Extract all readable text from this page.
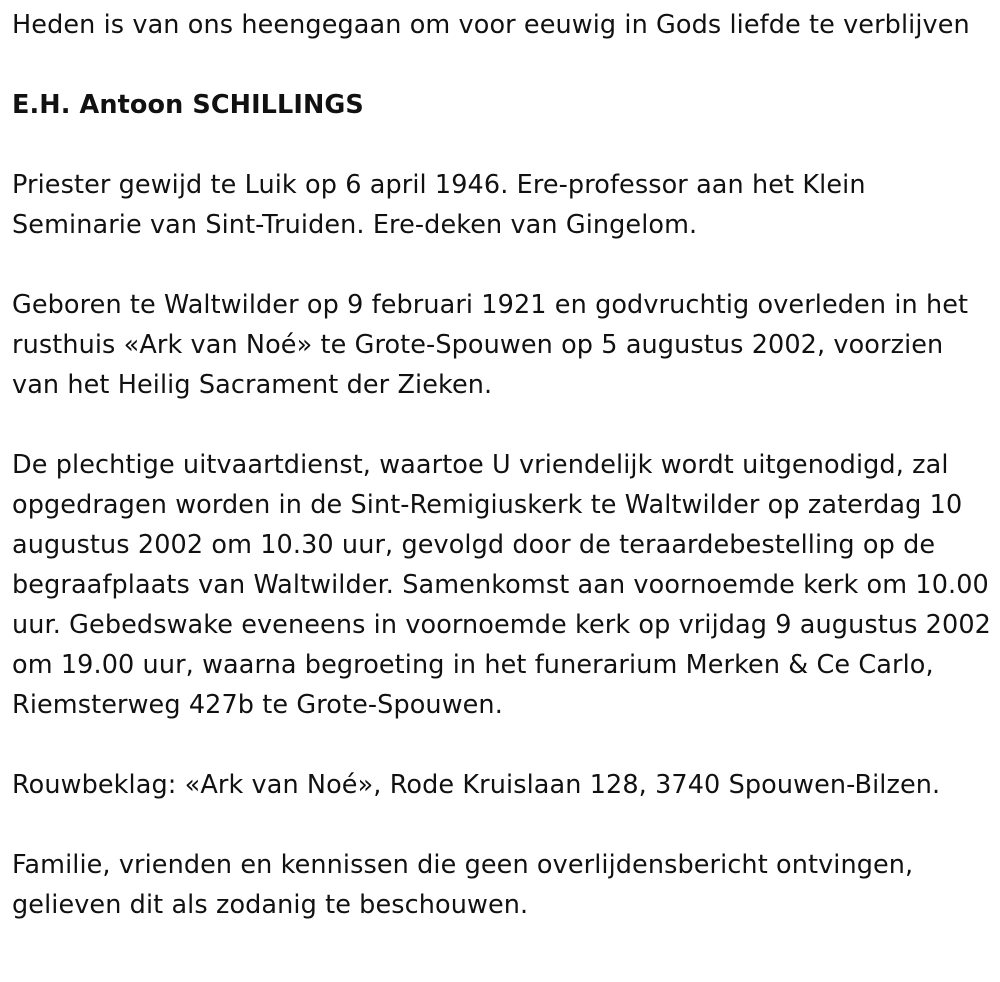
Heden is van ons heengegaan om voor eeuwig in Gods liefde te verblijven

E.H. Antoon SCHILLINGS

Priester gewijd te Luik op 6 april 1946. Ere-professor aan het Klein Seminarie van Sint-Truiden. Ere-deken van Gingelom.

Geboren te Waltwilder op 9 februari 1921 en godvruchtig overleden in het rusthuis «Ark van Noé» te Grote-Spouwen op 5 augustus 2002, voorzien van het Heilig Sacrament der Zieken.

De plechtige uitvaartdienst, waartoe U vriendelijk wordt uitgenodigd, zal opgedragen worden in de Sint-Remigiuskerk te Waltwilder op zaterdag 10 augustus 2002 om 10.30 uur, gevolgd door de teraardebestelling op de begraafplaats van Waltwilder. Samenkomst aan voornoemde kerk om 10.00 uur. Gebedswake eveneens in voornoemde kerk op vrijdag 9 augustus 2002 om 19.00 uur, waarna begroeting in het funerarium Merken & Ce Carlo, Riemsterweg 427b te Grote-Spouwen.

Rouwbeklag: «Ark van Noé», Rode Kruislaan 128, 3740 Spouwen-Bilzen.

Familie, vrienden en kennissen die geen overlijdensbericht ontvingen, gelieven dit als zodanig te beschouwen.
